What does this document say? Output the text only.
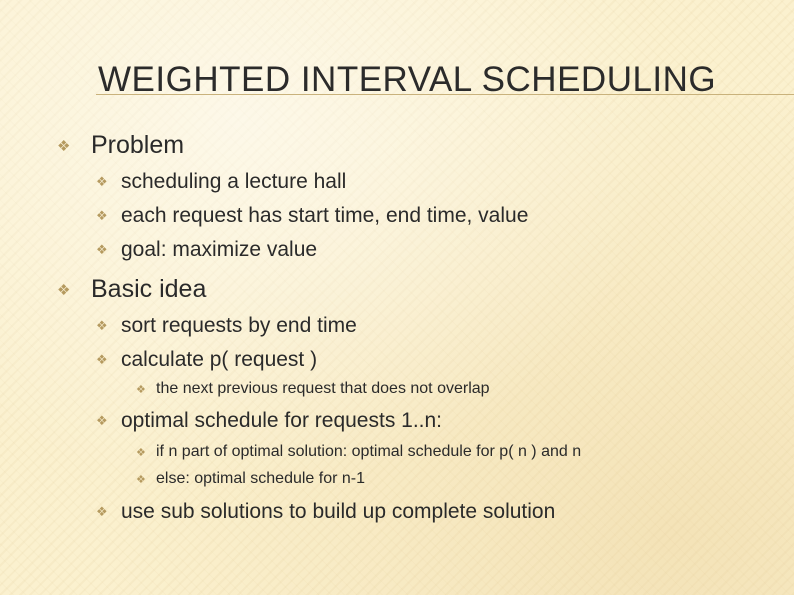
WEIGHTED INTERVAL SCHEDULING
❖ Problem
❖ scheduling a lecture hall
❖ each request has start time, end time, value
❖ goal: maximize value
❖ Basic idea
❖ sort requests by end time
❖ calculate p( request )
❖ the next previous request that does not overlap
❖ optimal schedule for requests 1..n:
❖ if n part of optimal solution: optimal schedule for p( n ) and n
❖ else: optimal schedule for n-1
❖ use sub solutions to build up complete solution
